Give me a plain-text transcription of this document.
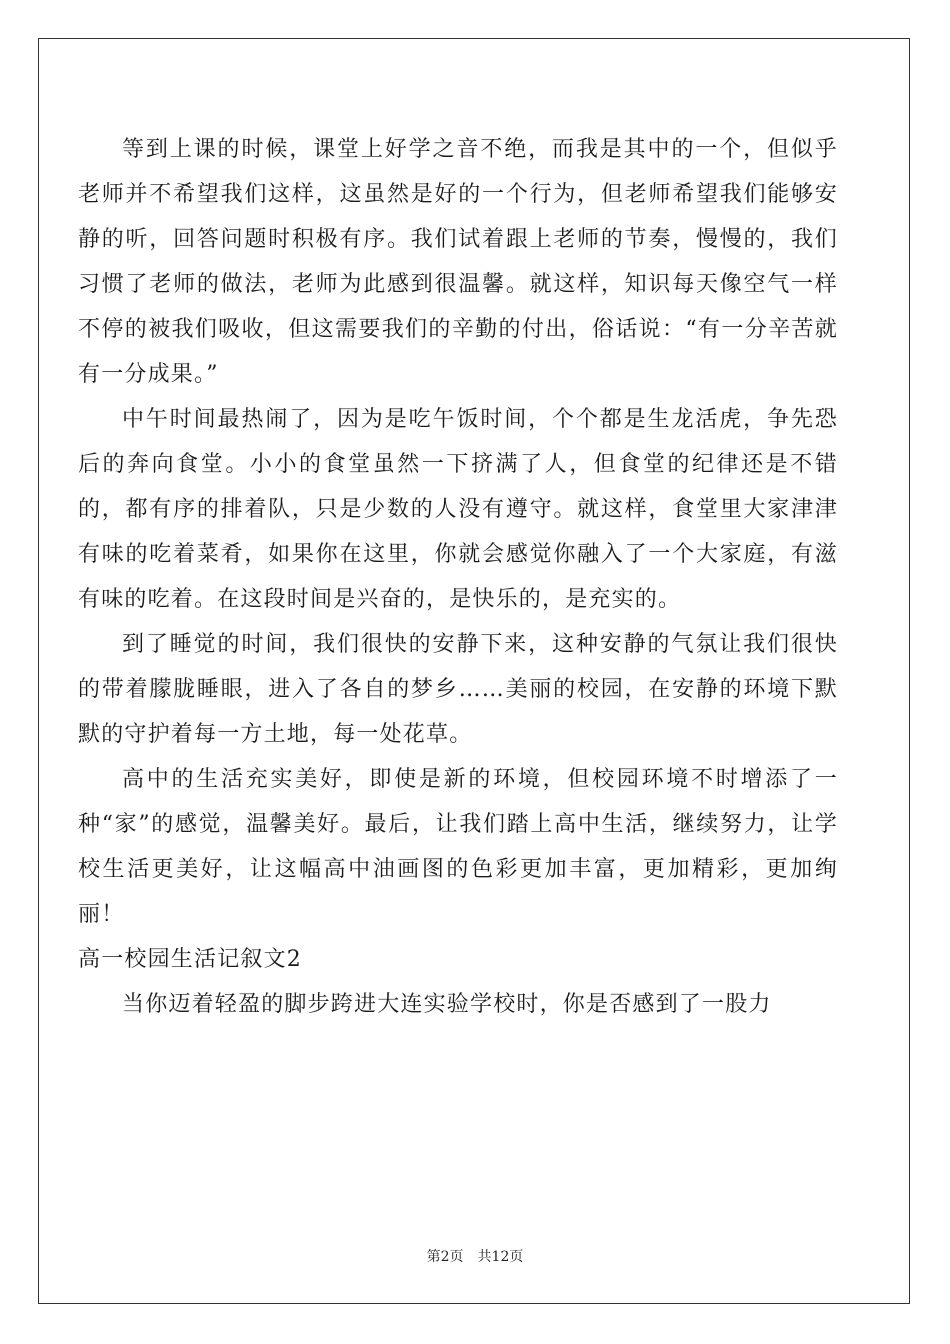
等到上课的时候，课堂上好学之音不绝，而我是其中的一个，但似乎老师并不希望我们这样，这虽然是好的一个行为，但老师希望我们能够安静的听，回答问题时积极有序。我们试着跟上老师的节奏，慢慢的，我们习惯了老师的做法，老师为此感到很温馨。就这样，知识每天像空气一样不停的被我们吸收，但这需要我们的辛勤的付出，俗话说：“有一分辛苦就有一分成果。”

中午时间最热闹了，因为是吃午饭时间，个个都是生龙活虎，争先恐后的奔向食堂。小小的食堂虽然一下挤满了人，但食堂的纪律还是不错的，都有序的排着队，只是少数的人没有遵守。就这样，食堂里大家津津有味的吃着菜肴，如果你在这里，你就会感觉你融入了一个大家庭，有滋有味的吃着。在这段时间是兴奋的，是快乐的，是充实的。

到了睡觉的时间，我们很快的安静下来，这种安静的气氛让我们很快的带着朦胧睡眼，进入了各自的梦乡……美丽的校园，在安静的环境下默默的守护着每一方土地，每一处花草。

高中的生活充实美好，即使是新的环境，但校园环境不时增添了一种“家”的感觉，温馨美好。最后，让我们踏上高中生活，继续努力，让学校生活更美好，让这幅高中油画图的色彩更加丰富，更加精彩，更加绚丽！

高一校园生活记叙文2

当你迈着轻盈的脚步跨进大连实验学校时，你是否感到了一股力

第2页 共12页
